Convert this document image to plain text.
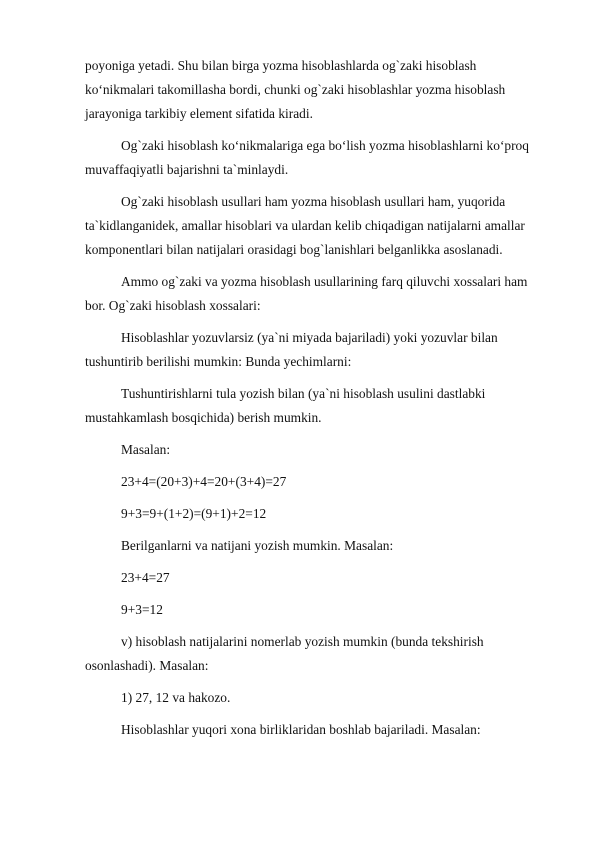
poyoniga yetadi. Shu bilan birga yozma hisoblashlarda og`zaki hisoblash
ko‘nikmalari takomillasha bordi, chunki og`zaki hisoblashlar yozma hisoblash
jarayoniga tarkibiy element sifatida kiradi.
Og`zaki hisoblash ko‘nikmalariga ega bo‘lish yozma hisoblashlarni ko‘proq
muvaffaqiyatli bajarishni ta`minlaydi.
Og`zaki hisoblash usullari ham yozma hisoblash usullari ham, yuqorida
ta`kidlanganidek, amallar hisoblari va ulardan kelib chiqadigan natijalarni amallar
komponentlari bilan natijalari orasidagi bog`lanishlari belganlikka asoslanadi.
Ammo og`zaki va yozma hisoblash usullarining farq qiluvchi xossalari ham
bor. Og`zaki hisoblash xossalari:
Hisoblashlar yozuvlarsiz (ya`ni miyada bajariladi) yoki yozuvlar bilan
tushuntirib berilishi mumkin: Bunda yechimlarni:
Tushuntirishlarni tula yozish bilan (ya`ni hisoblash usulini dastlabki
mustahkamlash bosqichida) berish mumkin.
Masalan:
23+4=(20+3)+4=20+(3+4)=27
9+3=9+(1+2)=(9+1)+2=12
Berilganlarni va natijani yozish mumkin. Masalan:
23+4=27
9+3=12
v) hisoblash natijalarini nomerlab yozish mumkin (bunda tekshirish
osonlashadi). Masalan:
1) 27, 12 va hakozo.
Hisoblashlar yuqori xona birliklaridan boshlab bajariladi. Masalan:
